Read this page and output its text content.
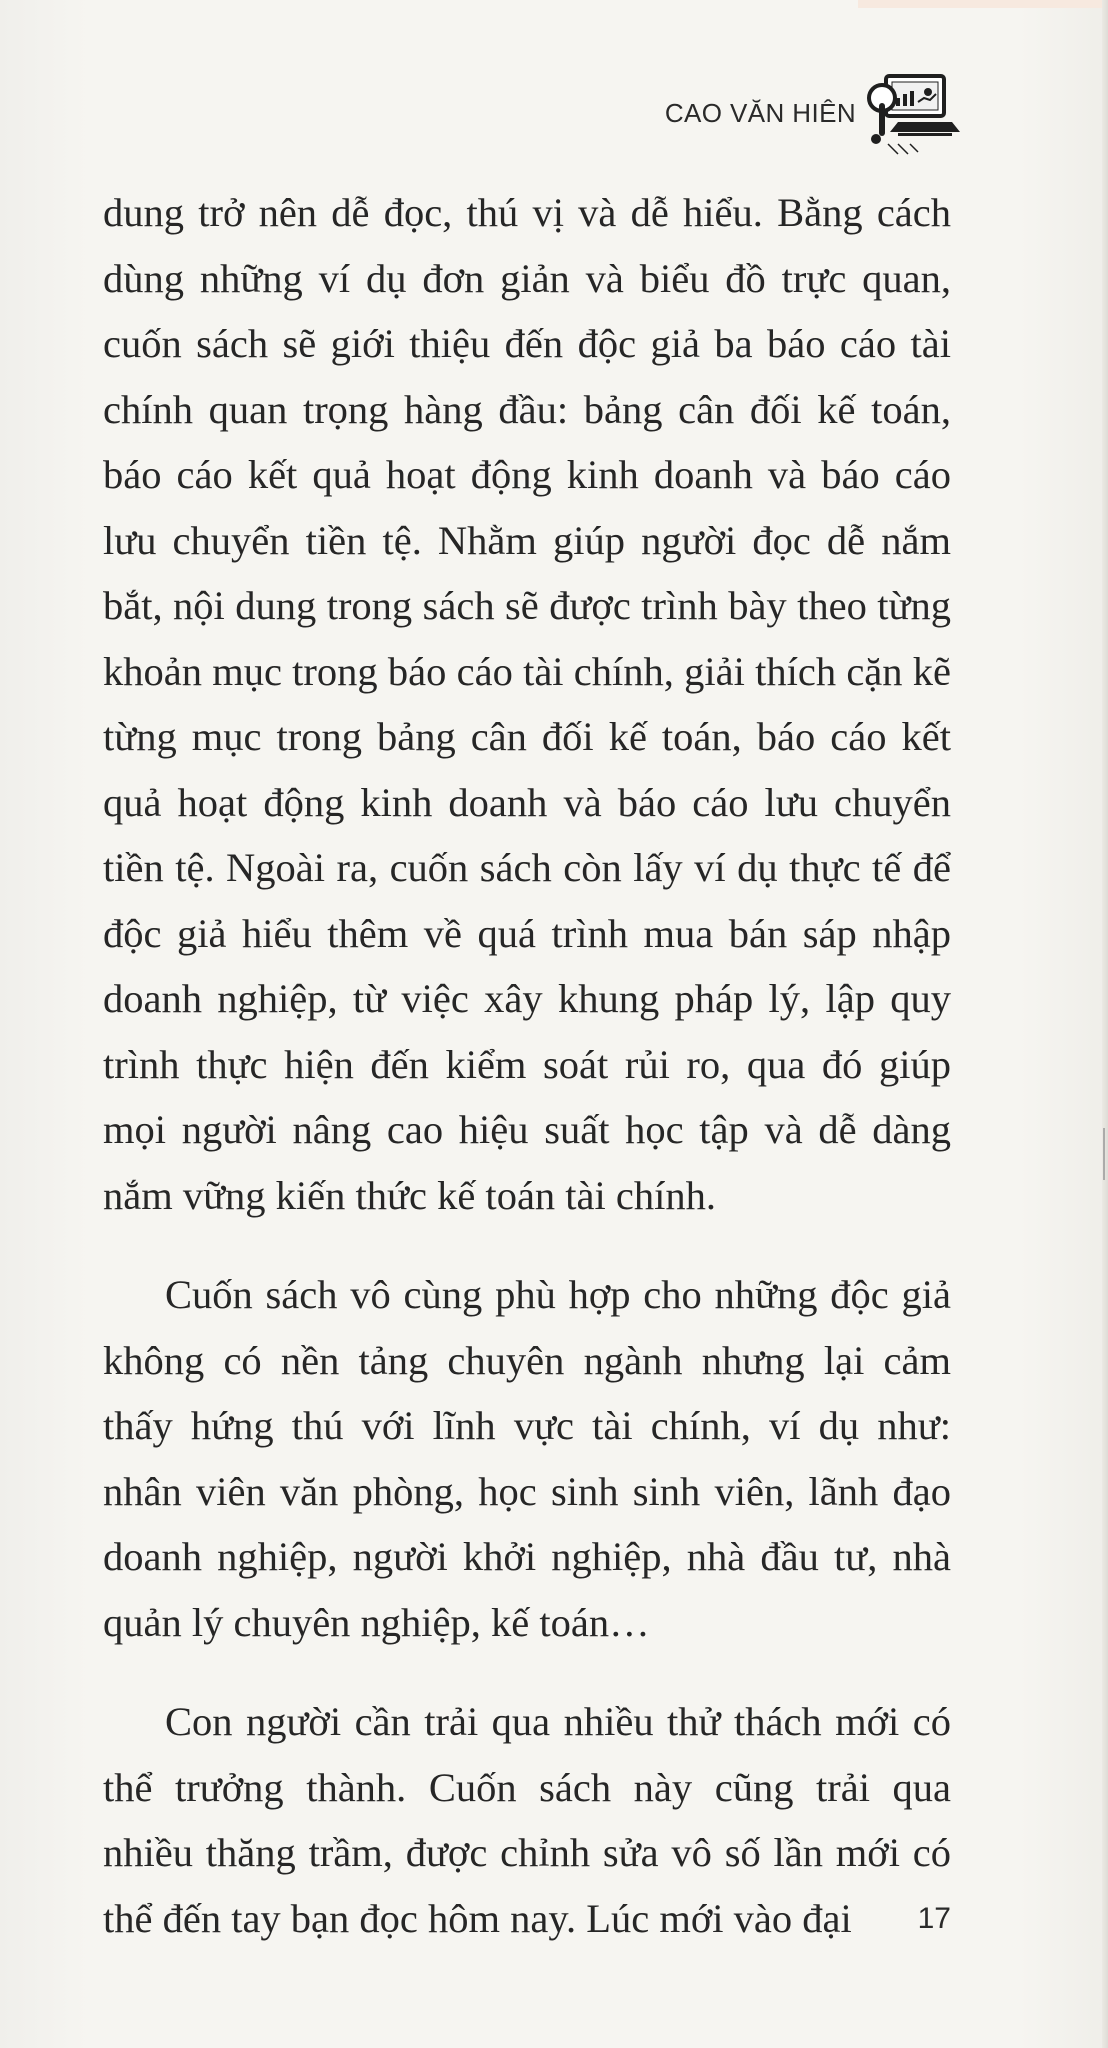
CAO VĂN HIÊN

dung trở nên dễ đọc, thú vị và dễ hiểu. Bằng cách dùng những ví dụ đơn giản và biểu đồ trực quan, cuốn sách sẽ giới thiệu đến độc giả ba báo cáo tài chính quan trọng hàng đầu: bảng cân đối kế toán, báo cáo kết quả hoạt động kinh doanh và báo cáo lưu chuyển tiền tệ. Nhằm giúp người đọc dễ nắm bắt, nội dung trong sách sẽ được trình bày theo từng khoản mục trong báo cáo tài chính, giải thích cặn kẽ từng mục trong bảng cân đối kế toán, báo cáo kết quả hoạt động kinh doanh và báo cáo lưu chuyển tiền tệ. Ngoài ra, cuốn sách còn lấy ví dụ thực tế để độc giả hiểu thêm về quá trình mua bán sáp nhập doanh nghiệp, từ việc xây khung pháp lý, lập quy trình thực hiện đến kiểm soát rủi ro, qua đó giúp mọi người nâng cao hiệu suất học tập và dễ dàng nắm vững kiến thức kế toán tài chính.

Cuốn sách vô cùng phù hợp cho những độc giả không có nền tảng chuyên ngành nhưng lại cảm thấy hứng thú với lĩnh vực tài chính, ví dụ như: nhân viên văn phòng, học sinh sinh viên, lãnh đạo doanh nghiệp, người khởi nghiệp, nhà đầu tư, nhà quản lý chuyên nghiệp, kế toán…

Con người cần trải qua nhiều thử thách mới có thể trưởng thành. Cuốn sách này cũng trải qua nhiều thăng trầm, được chỉnh sửa vô số lần mới có thể đến tay bạn đọc hôm nay. Lúc mới vào đại	17
